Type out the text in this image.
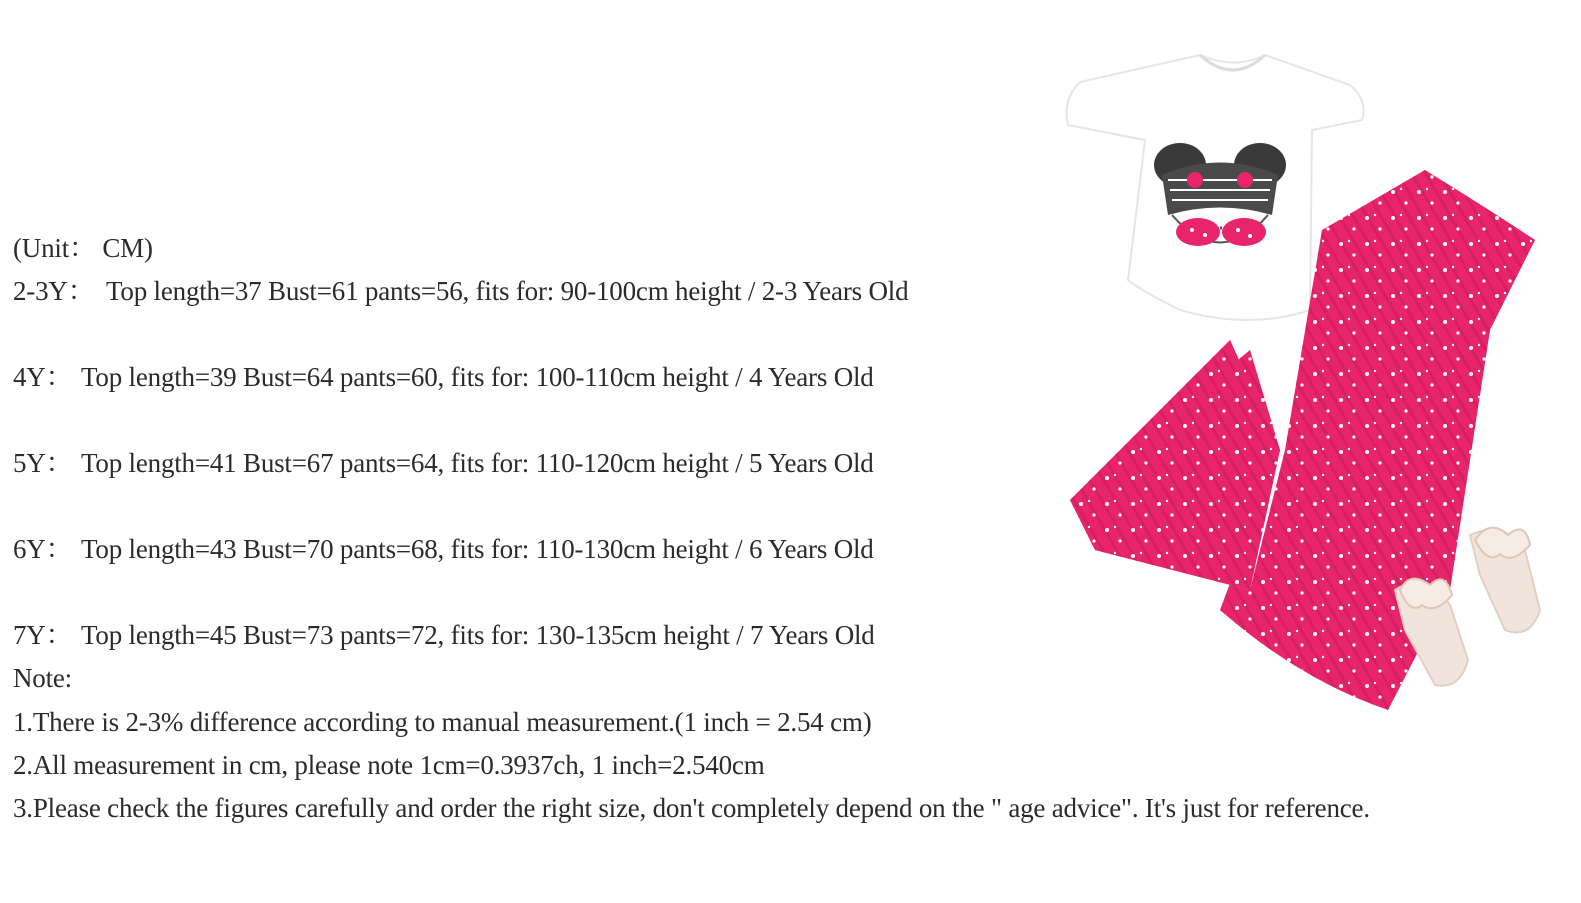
(Unit： CM)
2-3Y： Top length=37 Bust=61 pants=56, fits for: 90-100cm height / 2-3 Years Old
4Y： Top length=39 Bust=64 pants=60, fits for: 100-110cm height / 4 Years Old
5Y： Top length=41 Bust=67 pants=64, fits for: 110-120cm height / 5 Years Old
6Y： Top length=43 Bust=70 pants=68, fits for: 110-130cm height / 6 Years Old
7Y： Top length=45 Bust=73 pants=72, fits for: 130-135cm height / 7 Years Old
Note:
1.There is 2-3% difference according to manual measurement.(1 inch = 2.54 cm)
2.All measurement in cm, please note 1cm=0.3937ch, 1 inch=2.540cm
3.Please check the figures carefully and order the right size, don't completely depend on the " age advice". It's just for reference.
